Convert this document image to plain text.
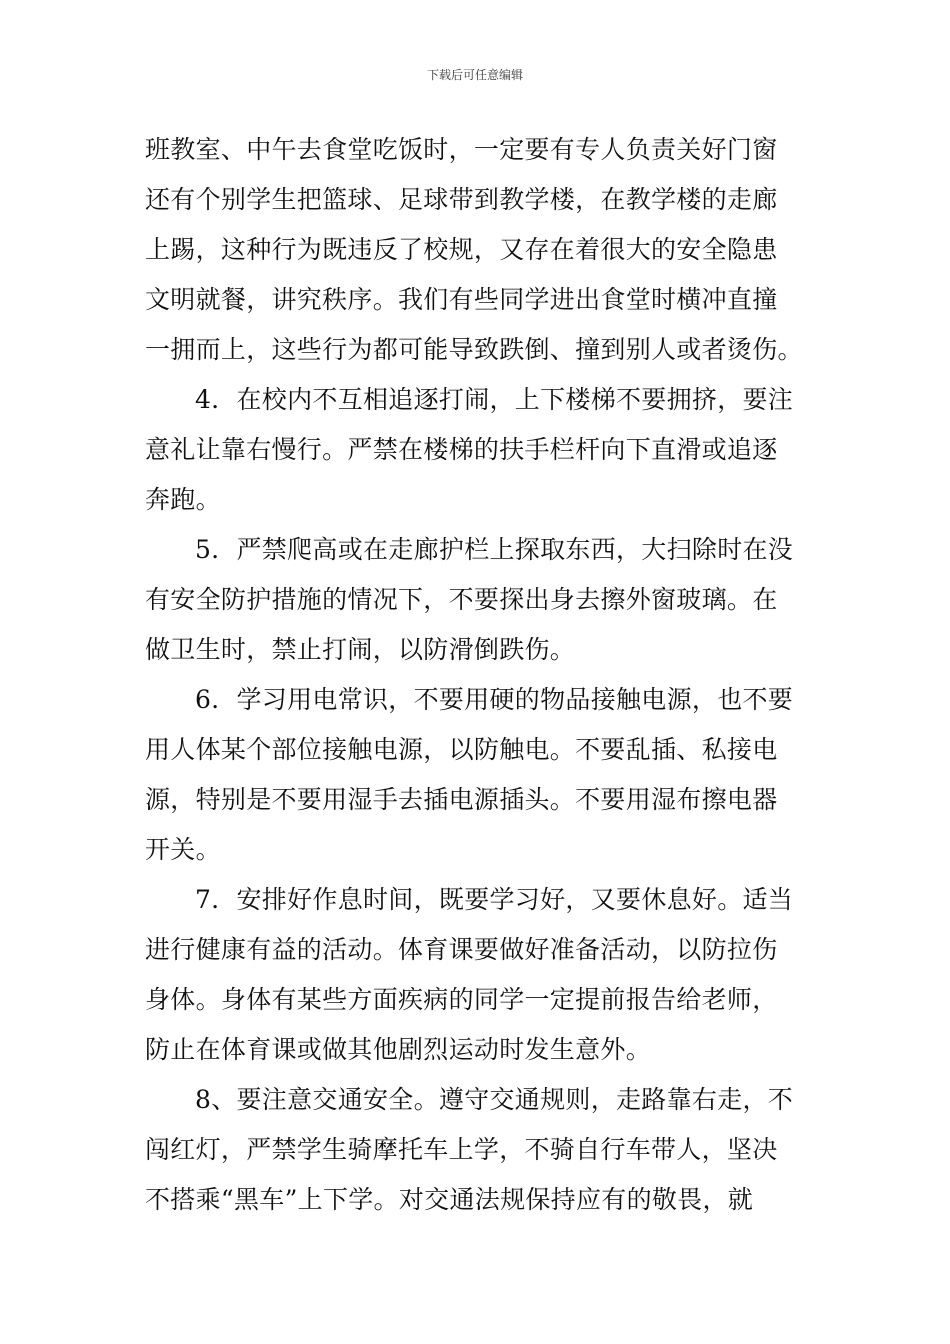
下载后可任意编辑

班教室、中午去食堂吃饭时，一定要有专人负责关好门窗
还有个别学生把篮球、足球带到教学楼，在教学楼的走廊
上踢，这种行为既违反了校规，又存在着很大的安全隐患
文明就餐，讲究秩序。我们有些同学进出食堂时横冲直撞
一拥而上，这些行为都可能导致跌倒、撞到别人或者烫伤。

4．在校内不互相追逐打闹，上下楼梯不要拥挤，要注
意礼让靠右慢行。严禁在楼梯的扶手栏杆向下直滑或追逐
奔跑。

5．严禁爬高或在走廊护栏上探取东西，大扫除时在没
有安全防护措施的情况下，不要探出身去擦外窗玻璃。在
做卫生时，禁止打闹，以防滑倒跌伤。

6．学习用电常识，不要用硬的物品接触电源，也不要
用人体某个部位接触电源，以防触电。不要乱插、私接电
源，特别是不要用湿手去插电源插头。不要用湿布擦电器
开关。

7．安排好作息时间，既要学习好，又要休息好。适当
进行健康有益的活动。体育课要做好准备活动，以防拉伤
身体。身体有某些方面疾病的同学一定提前报告给老师，
防止在体育课或做其他剧烈运动时发生意外。

8、要注意交通安全。遵守交通规则，走路靠右走，不
闯红灯，严禁学生骑摩托车上学，不骑自行车带人，坚决
不搭乘“黑车”上下学。对交通法规保持应有的敬畏，就
